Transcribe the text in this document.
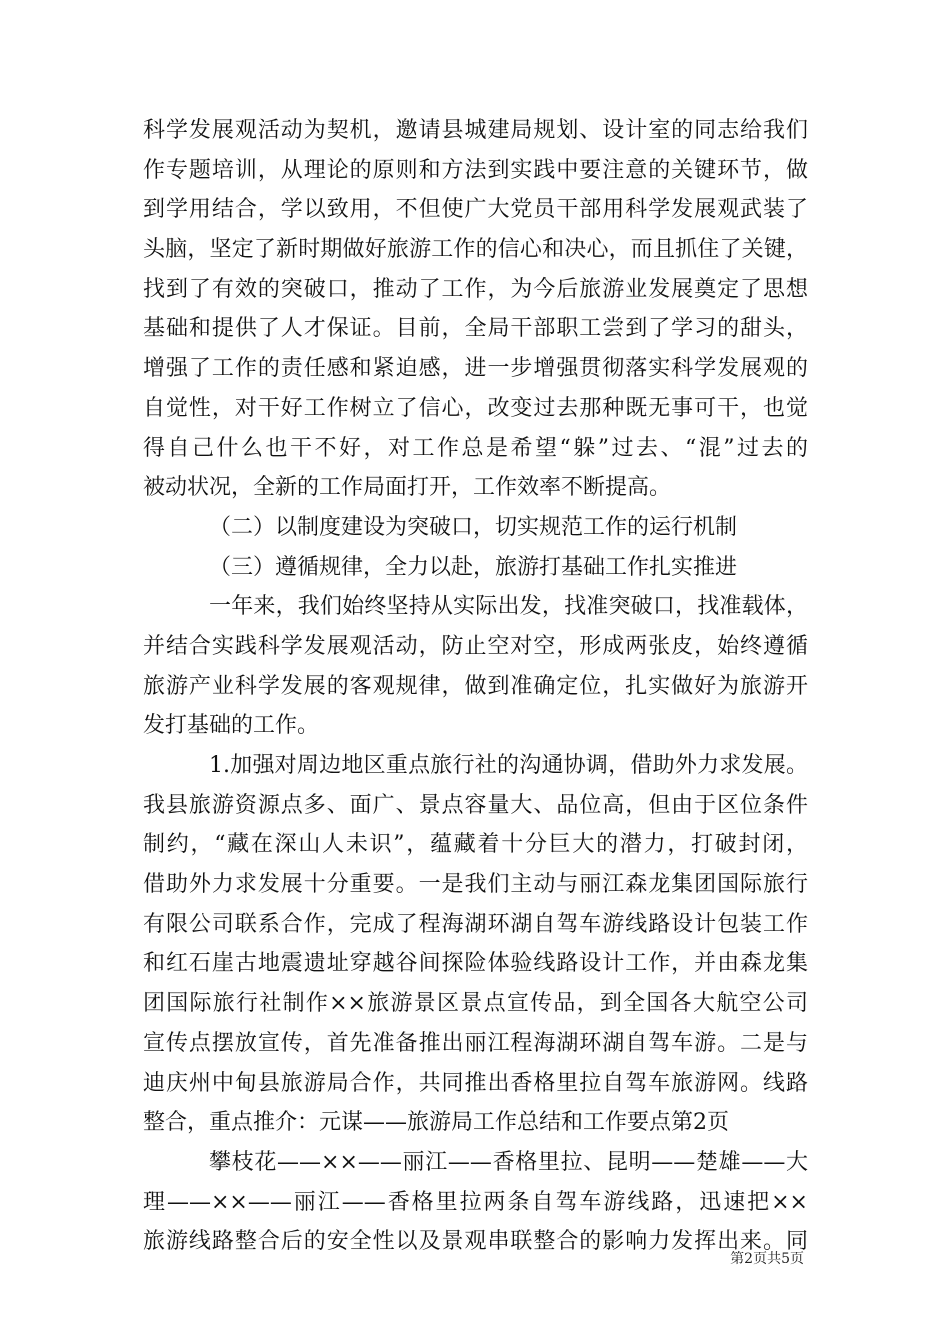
科学发展观活动为契机，邀请县城建局规划、设计室的同志给我们
作专题培训，从理论的原则和方法到实践中要注意的关键环节，做
到学用结合，学以致用，不但使广大党员干部用科学发展观武装了
头脑，坚定了新时期做好旅游工作的信心和决心，而且抓住了关键，
找到了有效的突破口，推动了工作，为今后旅游业发展奠定了思想
基础和提供了人才保证。目前，全局干部职工尝到了学习的甜头，
增强了工作的责任感和紧迫感，进一步增强贯彻落实科学发展观的
自觉性，对干好工作树立了信心，改变过去那种既无事可干，也觉
得自己什么也干不好，对工作总是希望“躲”过去、“混”过去的
被动状况，全新的工作局面打开，工作效率不断提高。
（二）以制度建设为突破口，切实规范工作的运行机制
（三）遵循规律，全力以赴，旅游打基础工作扎实推进
一年来，我们始终坚持从实际出发，找准突破口，找准载体，
并结合实践科学发展观活动，防止空对空，形成两张皮，始终遵循
旅游产业科学发展的客观规律，做到准确定位，扎实做好为旅游开
发打基础的工作。
1.加强对周边地区重点旅行社的沟通协调，借助外力求发展。
我县旅游资源点多、面广、景点容量大、品位高，但由于区位条件
制约，“藏在深山人未识”，蕴藏着十分巨大的潜力，打破封闭，
借助外力求发展十分重要。一是我们主动与丽江森龙集团国际旅行
有限公司联系合作，完成了程海湖环湖自驾车游线路设计包装工作
和红石崖古地震遗址穿越谷间探险体验线路设计工作，并由森龙集
团国际旅行社制作××旅游景区景点宣传品，到全国各大航空公司
宣传点摆放宣传，首先准备推出丽江程海湖环湖自驾车游。二是与
迪庆州中甸县旅游局合作，共同推出香格里拉自驾车旅游网。线路
整合，重点推介：元谋——旅游局工作总结和工作要点第2页
攀枝花——××——丽江——香格里拉、昆明——楚雄——大
理——××——丽江——香格里拉两条自驾车游线路，迅速把××
旅游线路整合后的安全性以及景观串联整合的影响力发挥出来。同
第2页共5页
